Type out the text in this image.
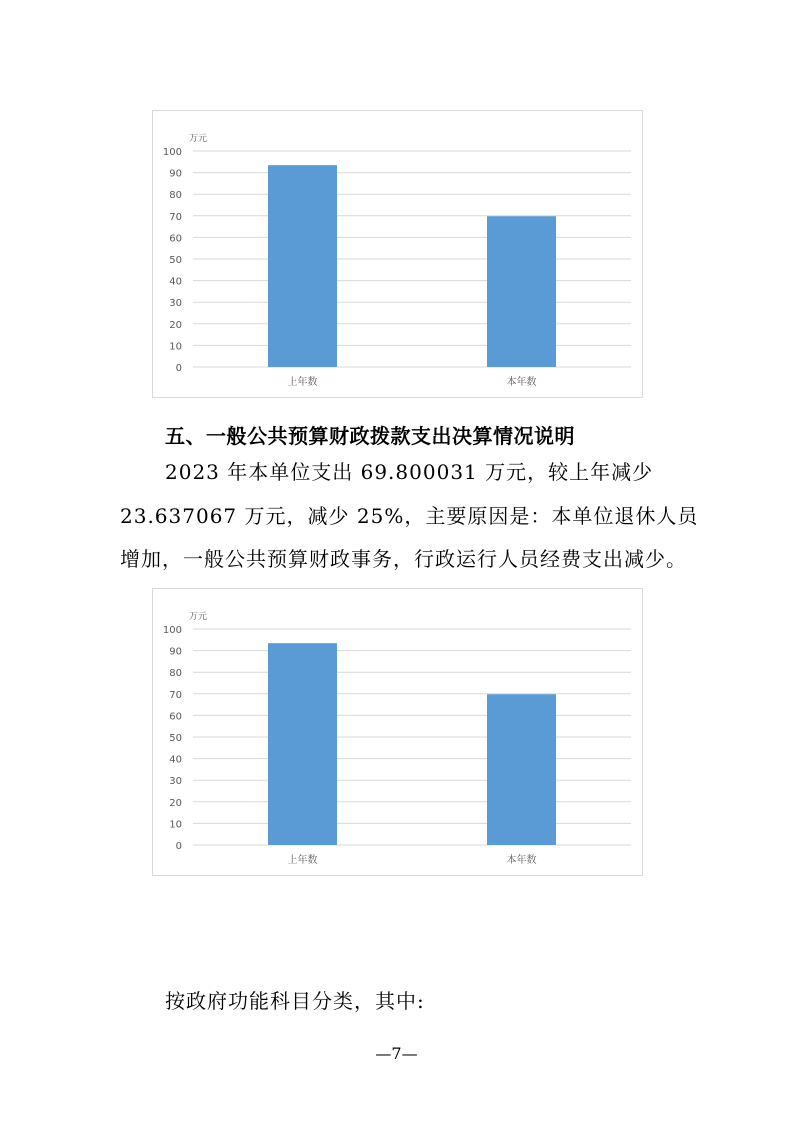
万元
0
10
20
30
40
50
60
70
80
90
100
上年数	本年数
五、一般公共预算财政拨款支出决算情况说明
2023 年本单位支出 69.800031 万元，较上年减少
23.637067 万元，减少 25%，主要原因是：本单位退休人员
增加，一般公共预算财政事务，行政运行人员经费支出减少。
万元
0
10
20
30
40
50
60
70
80
90
100
上年数	本年数
按政府功能科目分类，其中:
—7—
